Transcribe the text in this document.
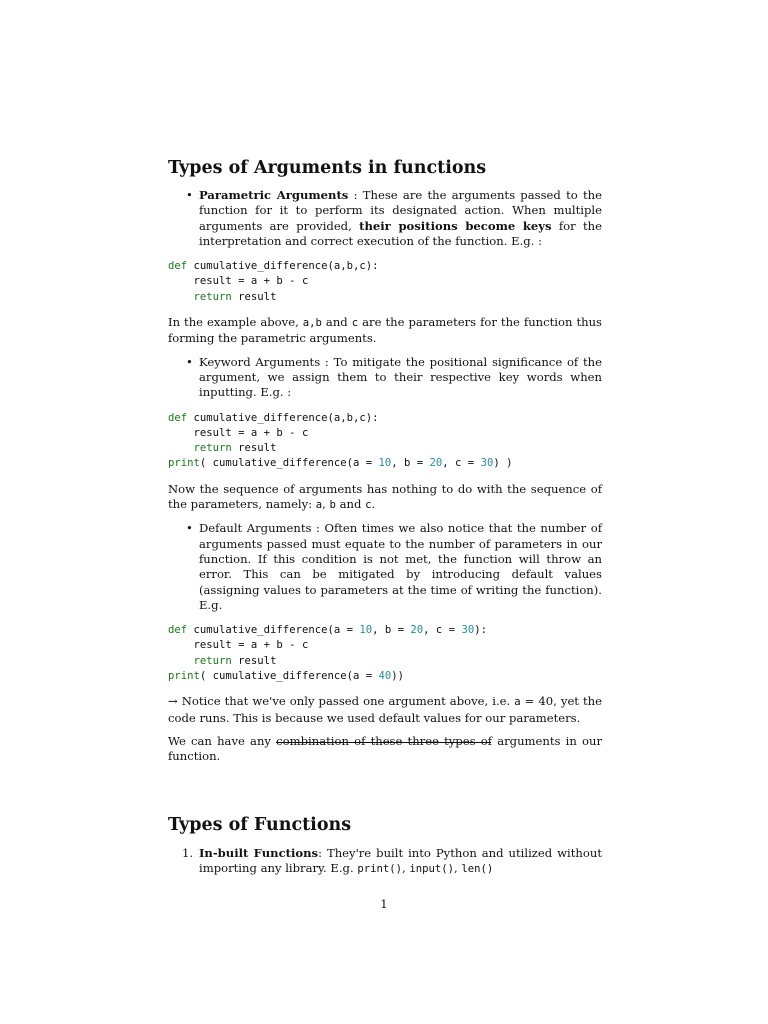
Types of Arguments in functions
• Parametric Arguments : These are the arguments passed to the function for it to perform its designated action. When multiple arguments are provided, their positions become keys for the interpretation and correct execution of the function. E.g. :
def cumulative_difference(a,b,c):
result = a + b - c
return result

In the example above, a,b and c are the parameters for the function thus forming the parametric arguments.

• Keyword Arguments : To mitigate the positional significance of the argument, we assign them to their respective key words when inputting. E.g. :
def cumulative_difference(a,b,c):
result = a + b - c
return result
print( cumulative_difference(a = 10, b = 20, c = 30) )

Now the sequence of arguments has nothing to do with the sequence of the parameters, namely: a, b and c.

• Default Arguments : Often times we also notice that the number of arguments passed must equate to the number of parameters in our function. If this condition is not met, the function will throw an error. This can be mitigated by introducing default values (assigning values to parameters at the time of writing the function). E.g.
def cumulative_difference(a = 10, b = 20, c = 30):
result = a + b - c
return result
print( cumulative_difference(a = 40))

→ Notice that we've only passed one argument above, i.e. a = 40, yet the code runs. This is because we used default values for our parameters.

We can have any combination of these three types of arguments in our function.

Types of Functions
1. In-built Functions: They're built into Python and utilized without importing any library. E.g. print(), input(), len()
1
